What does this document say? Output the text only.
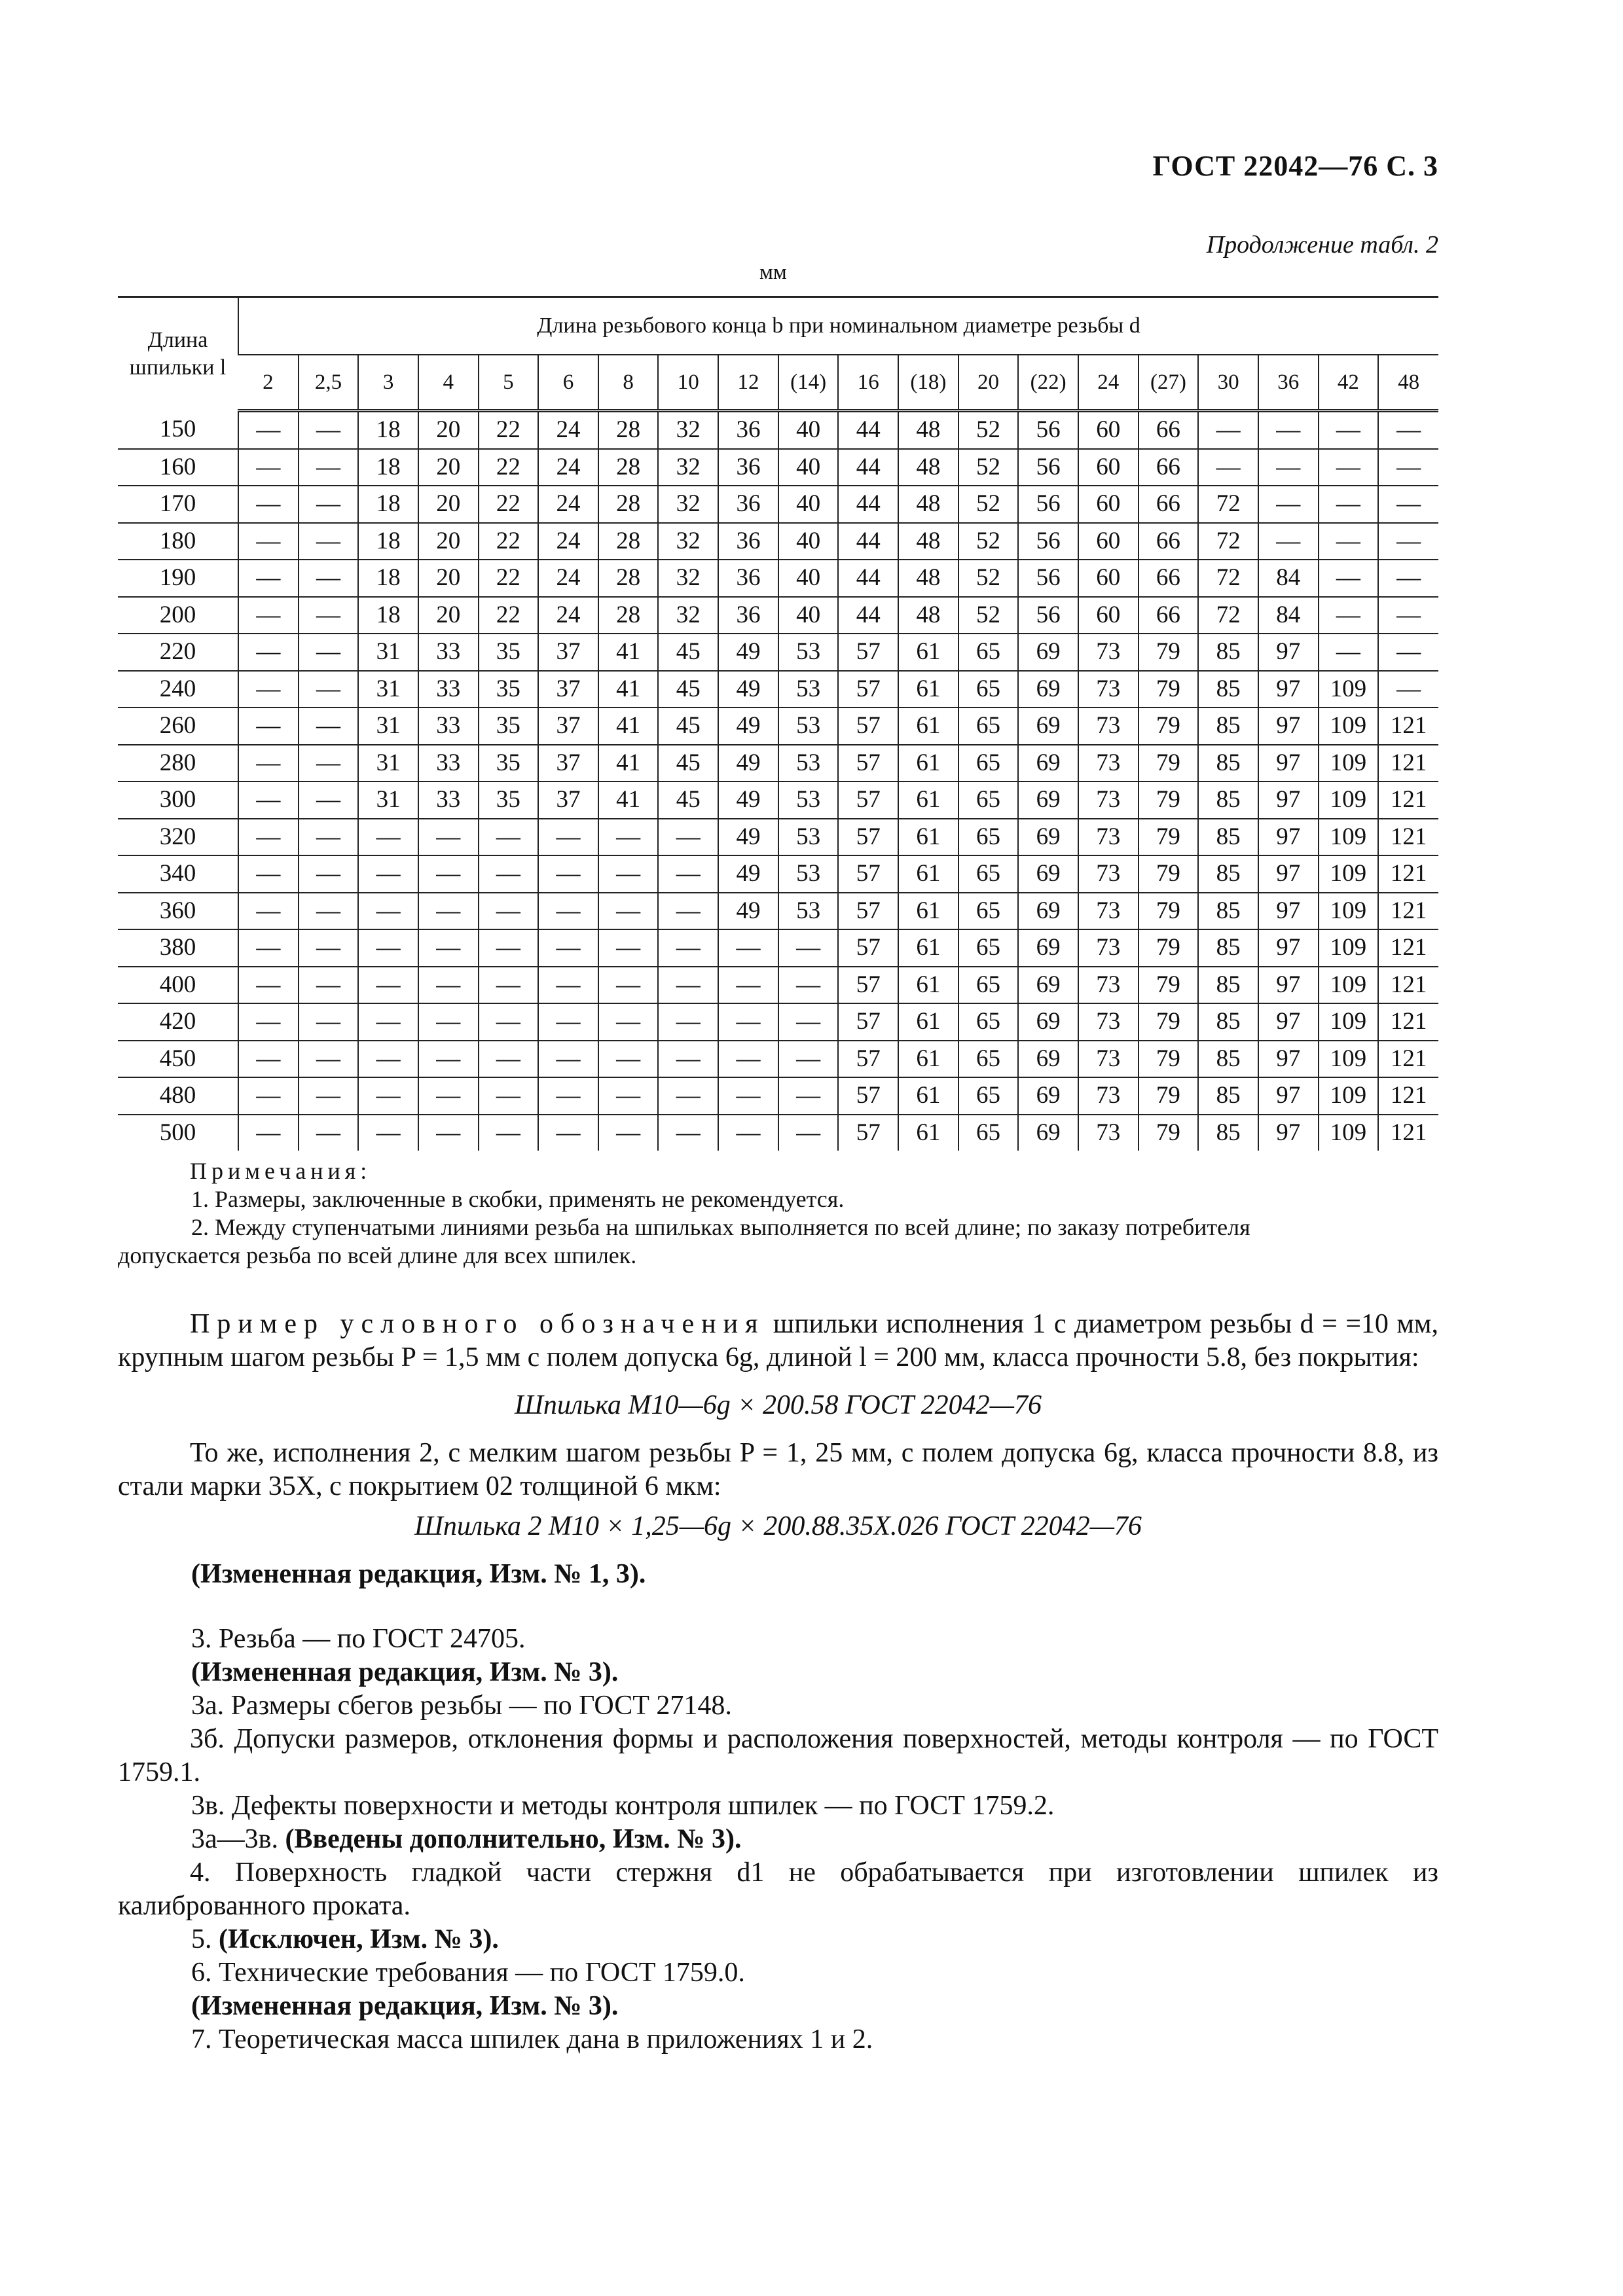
ГОСТ 22042—76 С. 3
Продолжение табл. 2
мм
Длина
шпильки l	Длина резьбового конца b при номинальном диаметре резьбы d																			
	2	2,5	3	4	5	6	8	10	12	(14)	16	(18)	20	(22)	24	(27)	30	36	42	48
150	—	—	18	20	22	24	28	32	36	40	44	48	52	56	60	66	—	—	—	—
160	—	—	18	20	22	24	28	32	36	40	44	48	52	56	60	66	—	—	—	—
170	—	—	18	20	22	24	28	32	36	40	44	48	52	56	60	66	72	—	—	—
180	—	—	18	20	22	24	28	32	36	40	44	48	52	56	60	66	72	—	—	—
190	—	—	18	20	22	24	28	32	36	40	44	48	52	56	60	66	72	84	—	—
200	—	—	18	20	22	24	28	32	36	40	44	48	52	56	60	66	72	84	—	—
220	—	—	31	33	35	37	41	45	49	53	57	61	65	69	73	79	85	97	—	—
240	—	—	31	33	35	37	41	45	49	53	57	61	65	69	73	79	85	97	109	—
260	—	—	31	33	35	37	41	45	49	53	57	61	65	69	73	79	85	97	109	121
280	—	—	31	33	35	37	41	45	49	53	57	61	65	69	73	79	85	97	109	121
300	—	—	31	33	35	37	41	45	49	53	57	61	65	69	73	79	85	97	109	121
320	—	—	—	—	—	—	—	—	49	53	57	61	65	69	73	79	85	97	109	121
340	—	—	—	—	—	—	—	—	49	53	57	61	65	69	73	79	85	97	109	121
360	—	—	—	—	—	—	—	—	49	53	57	61	65	69	73	79	85	97	109	121
380	—	—	—	—	—	—	—	—	—	—	57	61	65	69	73	79	85	97	109	121
400	—	—	—	—	—	—	—	—	—	—	57	61	65	69	73	79	85	97	109	121
420	—	—	—	—	—	—	—	—	—	—	57	61	65	69	73	79	85	97	109	121
450	—	—	—	—	—	—	—	—	—	—	57	61	65	69	73	79	85	97	109	121
480	—	—	—	—	—	—	—	—	—	—	57	61	65	69	73	79	85	97	109	121
500	—	—	—	—	—	—	—	—	—	—	57	61	65	69	73	79	85	97	109	121
Примечания:
1. Размеры, заключенные в скобки, применять не рекомендуется.
2. Между ступенчатыми линиями резьба на шпильках выполняется по всей длине; по заказу потребителя
допускается резьба по всей длине для всех шпилек.

Пример условного обозначения шпильки исполнения 1 с диаметром резьбы d = =10 мм, крупным шагом резьбы P = 1,5 мм с полем допуска 6g, длиной l = 200 мм, класса прочности 5.8, без покрытия:

Шпилька М10—6g × 200.58 ГОСТ 22042—76

То же, исполнения 2, с мелким шагом резьбы P = 1, 25 мм, с полем допуска 6g, класса прочности 8.8, из стали марки 35Х, с покрытием 02 толщиной 6 мкм:

Шпилька 2 М10 × 1,25—6g × 200.88.35Х.026 ГОСТ 22042—76

(Измененная редакция, Изм. № 1, 3).

3. Резьба — по ГОСТ 24705.

(Измененная редакция, Изм. № 3).

3а. Размеры сбегов резьбы — по ГОСТ 27148.

3б. Допуски размеров, отклонения формы и расположения поверхностей, методы контроля — по ГОСТ 1759.1.

3в. Дефекты поверхности и методы контроля шпилек — по ГОСТ 1759.2.

3а—3в. (Введены дополнительно, Изм. № 3).

4. Поверхность гладкой части стержня d1 не обрабатывается при изготовлении шпилек из калиброванного проката.

5. (Исключен, Изм. № 3).

6. Технические требования — по ГОСТ 1759.0.

(Измененная редакция, Изм. № 3).

7. Теоретическая масса шпилек дана в приложениях 1 и 2.
